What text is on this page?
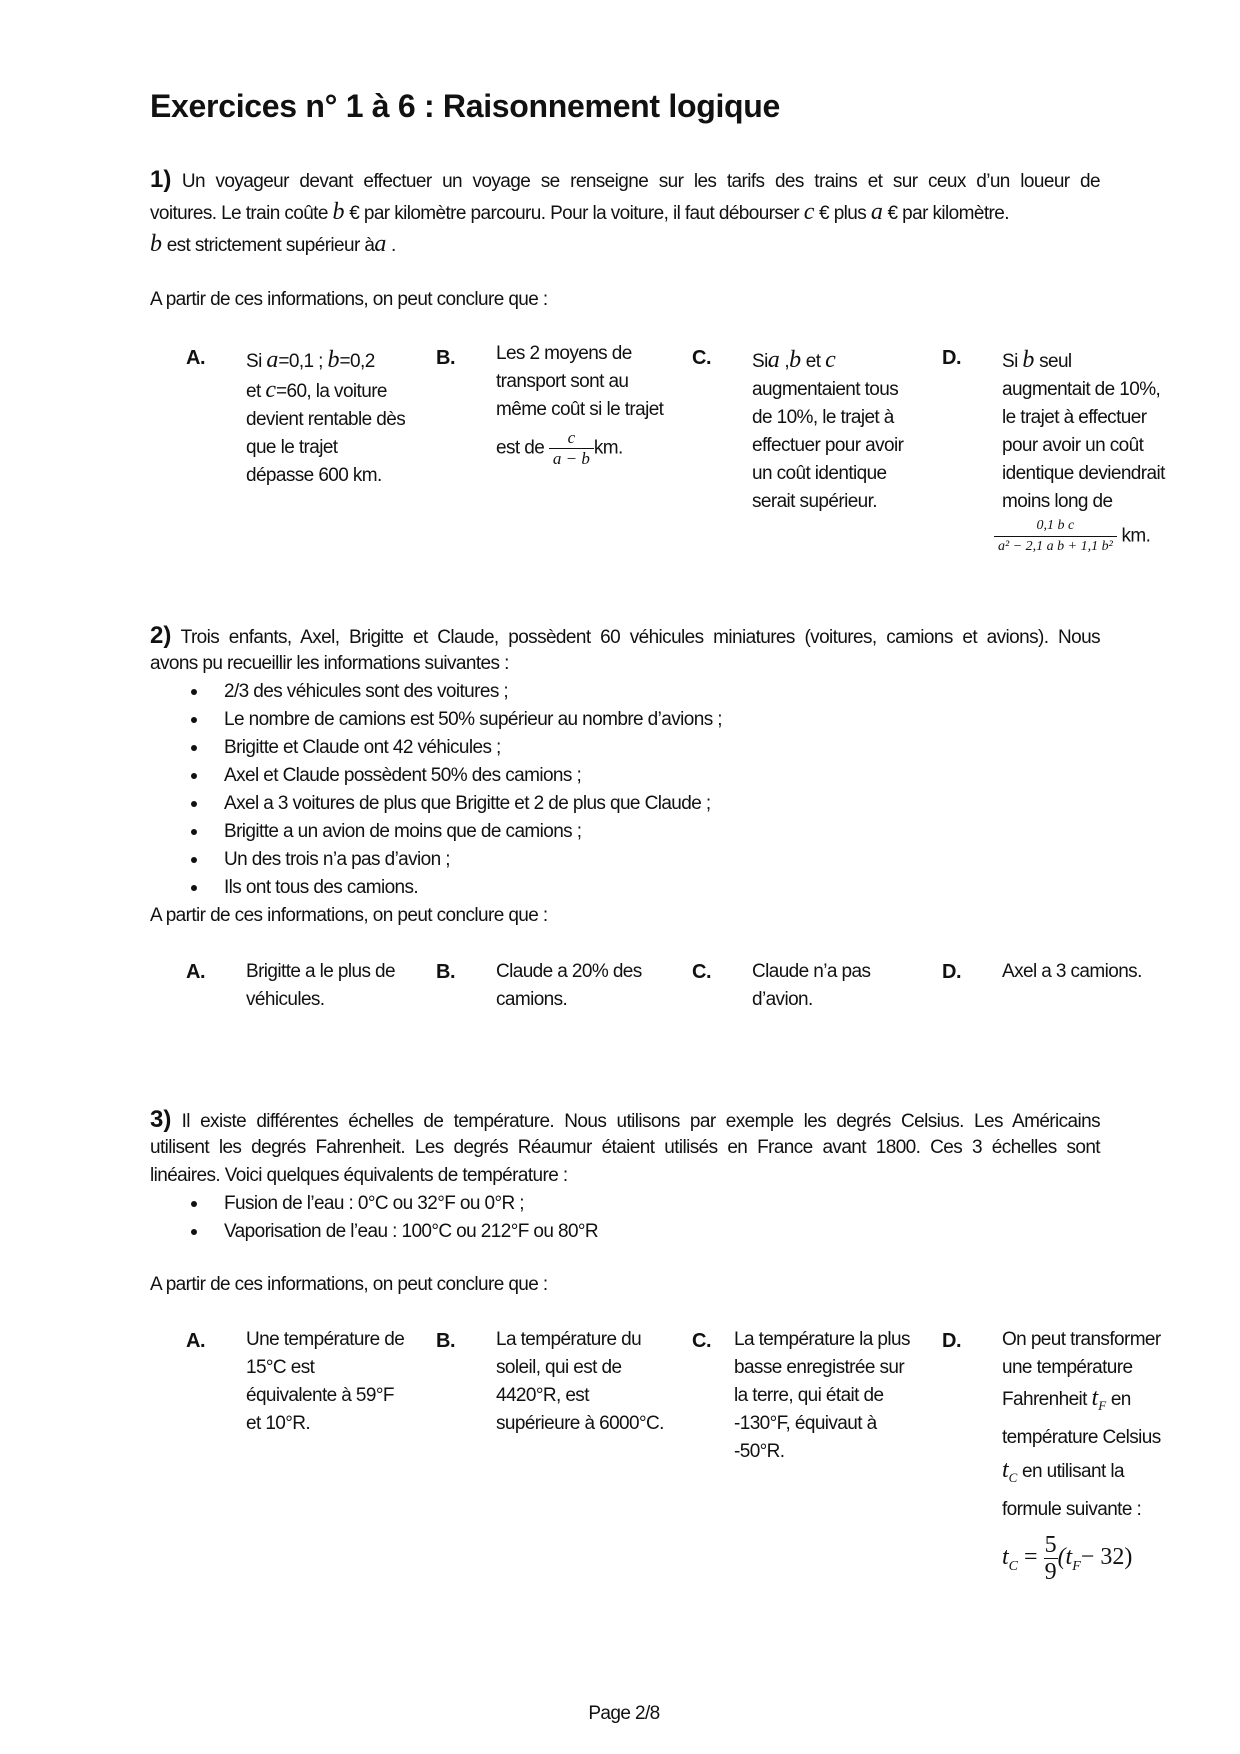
Exercices n° 1 à 6 : Raisonnement logique
1) Un voyageur devant effectuer un voyage se renseigne sur les tarifs des trains et sur ceux d’un loueur de
voitures. Le train coûte b € par kilomètre parcouru. Pour la voiture, il faut débourser c € plus a € par kilomètre.
b est strictement supérieur àa .
A partir de ces informations, on peut conclure que :
A. Si a=0,1 ; b=0,2
et c=60, la voiture
devient rentable dès
que le trajet
dépasse 600 km.
B. Les 2 moyens de
transport sont au
même coût si le trajet
est de $\frac{c}{a - b}$ km.
C. Sia ,b et c
augmentaient tous
de 10%, le trajet à
effectuer pour avoir
un coût identique
serait supérieur.
D. Si b seul
augmentait de 10%,
le trajet à effectuer
pour avoir un coût
identique deviendrait
moins long de
$\frac{\text{0,1 b c}}{\text{a² − 2,1 a b + 1,1 b²}}$ km.
2) Trois enfants, Axel, Brigitte et Claude, possèdent 60 véhicules miniatures (voitures, camions et avions). Nous
avons pu recueillir les informations suivantes :
2/3 des véhicules sont des voitures ;
Le nombre de camions est 50% supérieur au nombre d’avions ;
Brigitte et Claude ont 42 véhicules ;
Axel et Claude possèdent 50% des camions ;
Axel a 3 voitures de plus que Brigitte et 2 de plus que Claude ;
Brigitte a un avion de moins que de camions ;
Un des trois n’a pas d’avion ;
Ils ont tous des camions.
A partir de ces informations, on peut conclure que :
A. Brigitte a le plus de
véhicules.
B. Claude a 20% des
camions.
C. Claude n’a pas
d’avion.
D. Axel a 3 camions.
3) Il existe différentes échelles de température. Nous utilisons par exemple les degrés Celsius. Les Américains
utilisent les degrés Fahrenheit. Les degrés Réaumur étaient utilisés en France avant 1800. Ces 3 échelles sont
linéaires. Voici quelques équivalents de température :
Fusion de l’eau : 0°C ou 32°F ou 0°R ;
Vaporisation de l’eau : 100°C ou 212°F ou 80°R
A partir de ces informations, on peut conclure que :
A. Une température de
15°C est
équivalente à 59°F
et 10°R.
B. La température du
soleil, qui est de
4420°R, est
supérieure à 6000°C.
C. La température la plus
basse enregistrée sur
la terre, qui était de
-130°F, équivaut à
-50°R.
D. On peut transformer
une température
Fahrenheit $t_F$ en
température Celsius
$t_C$ en utilisant la
formule suivante :
$t_C = \frac{5}{9} (t_F- 32)$
Page 2/8
